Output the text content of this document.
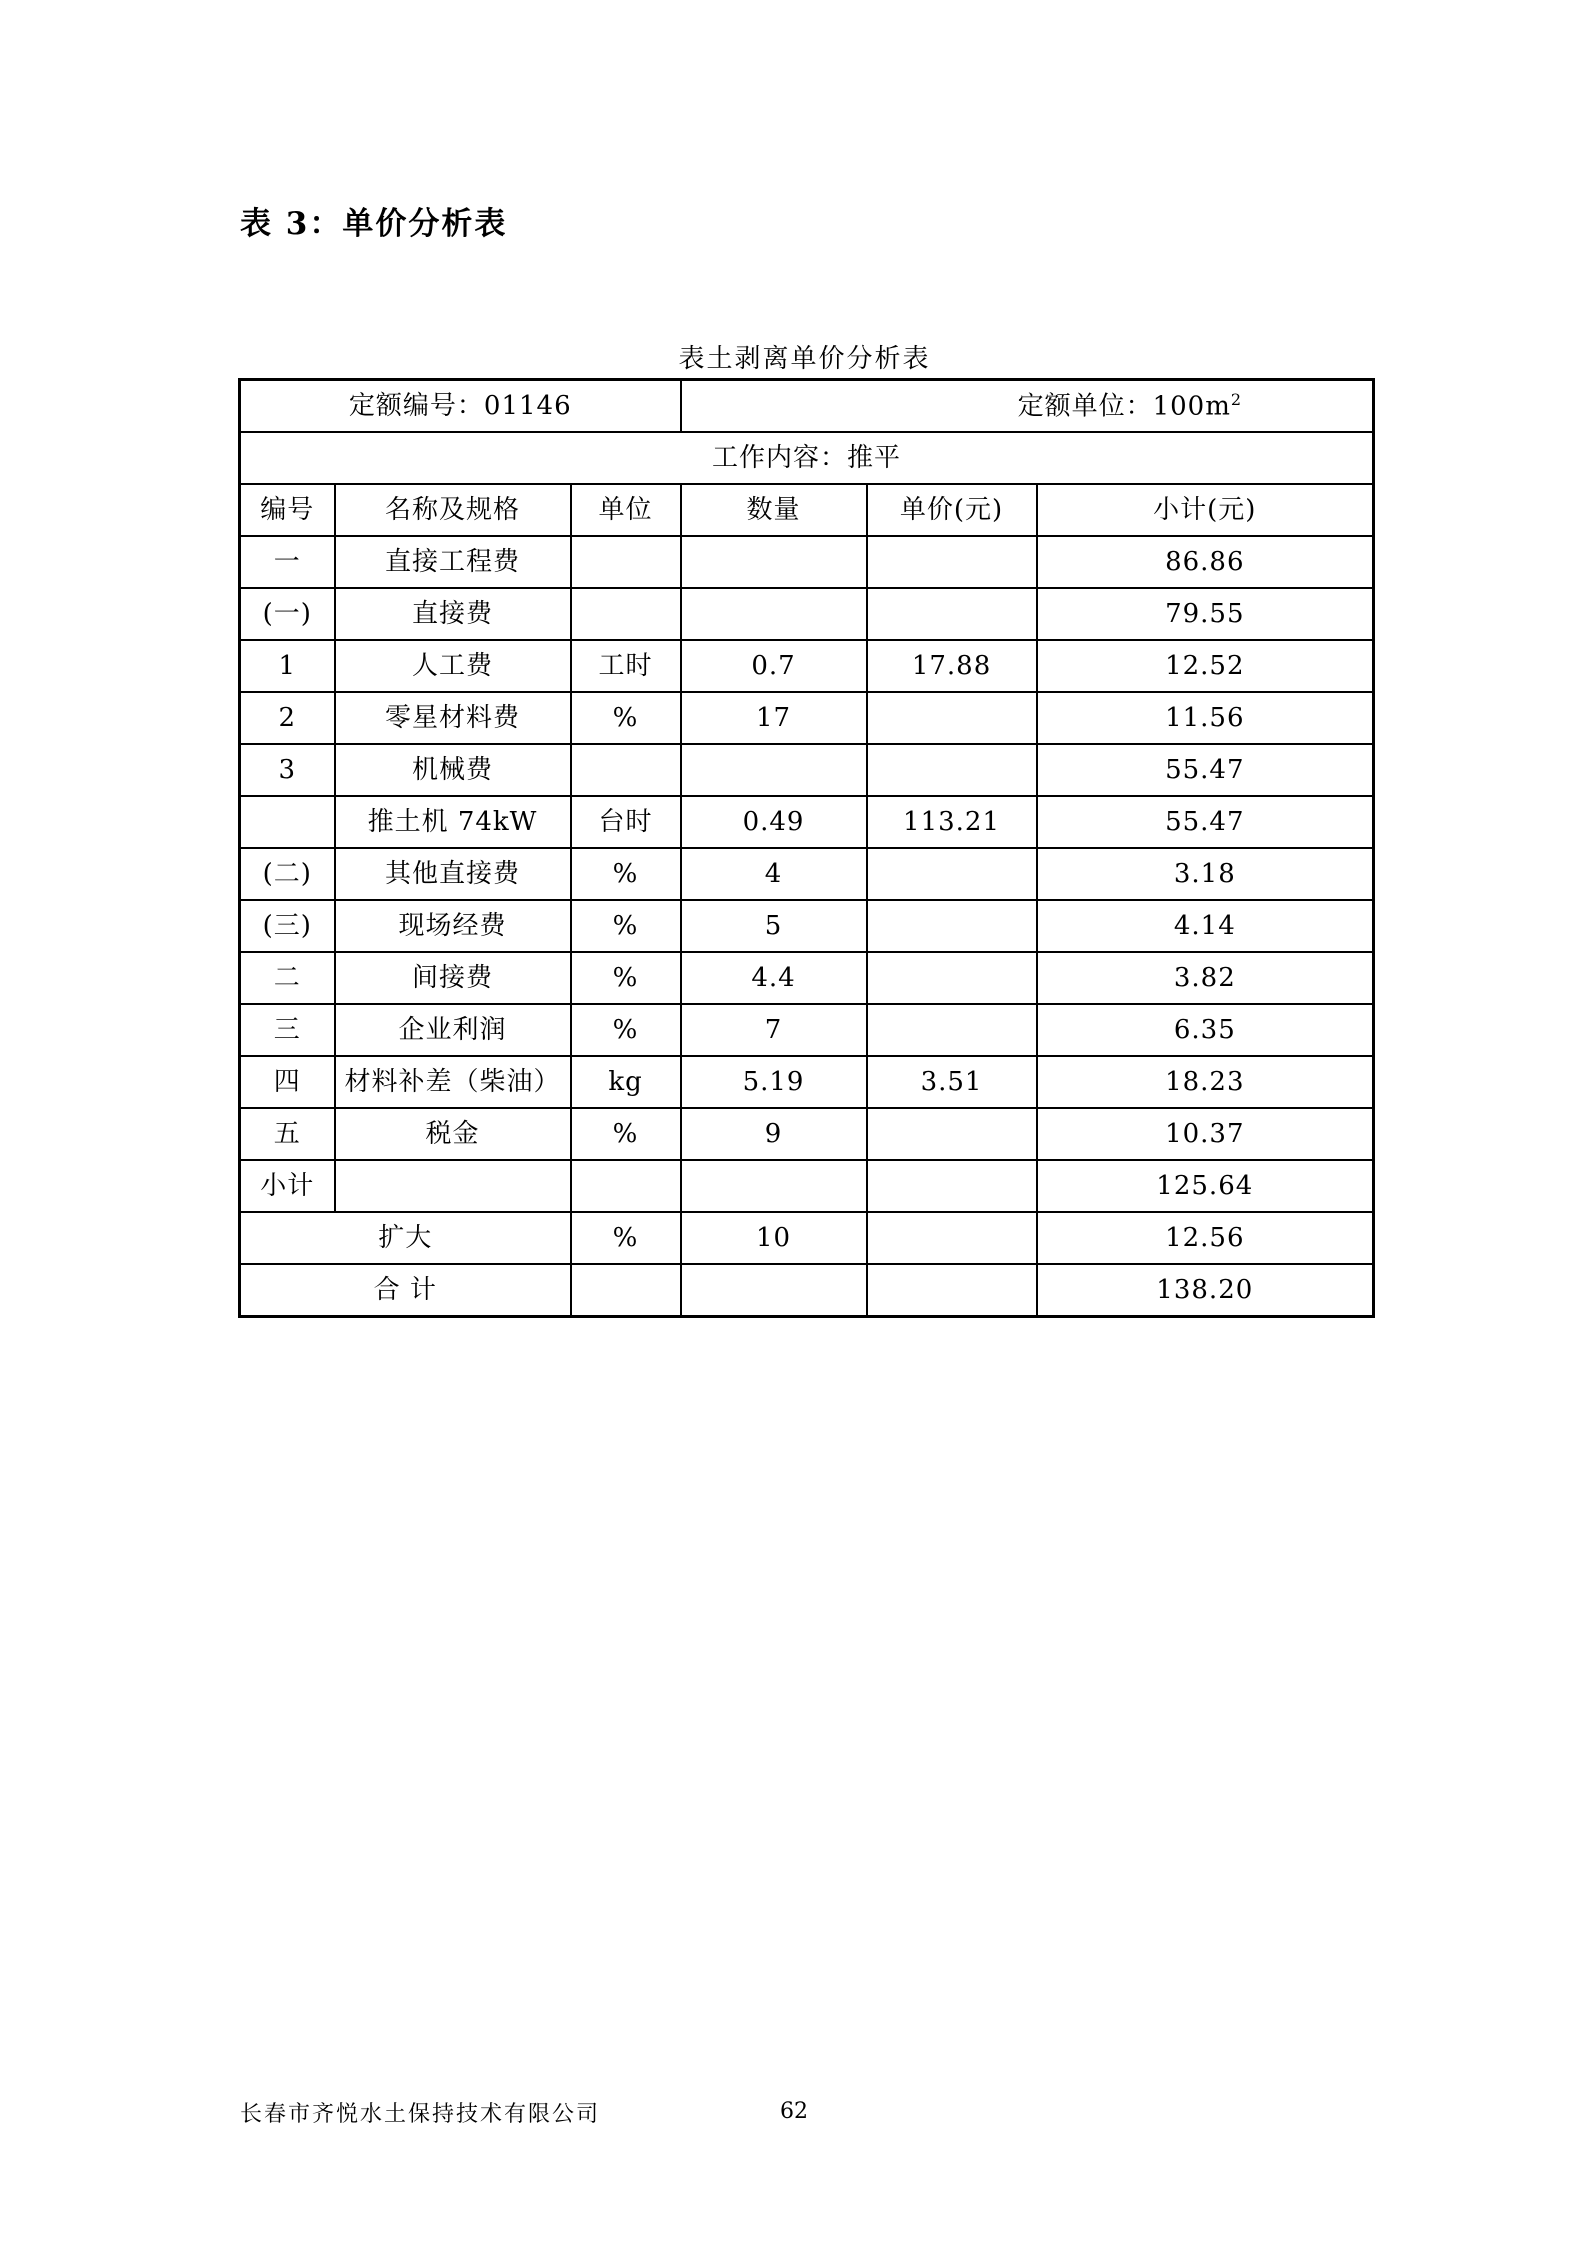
表 3：单价分析表
表土剥离单价分析表
定额编号：01146			定额单位：$100m^2$
工作内容：推平					
编号	名称及规格	单位	数量	单价(元)	小计(元)
一	直接工程费				86.86
(一)	直接费				79.55
1	人工费	工时	0.7	17.88	12.52
2	零星材料费	%	17		11.56
3	机械费				55.47
	推土机 74kW	台时	0.49	113.21	55.47
(二)	其他直接费	%	4		3.18
(三)	现场经费	%	5		4.14
二	间接费	%	4.4		3.82
三	企业利润	%	7		6.35
四	材料补差（柴油）	kg	5.19	3.51	18.23
五	税金	%	9		10.37
小计					125.64
扩大		%	10		12.56
合 计					138.20
长春市齐悦水土保持技术有限公司	62
